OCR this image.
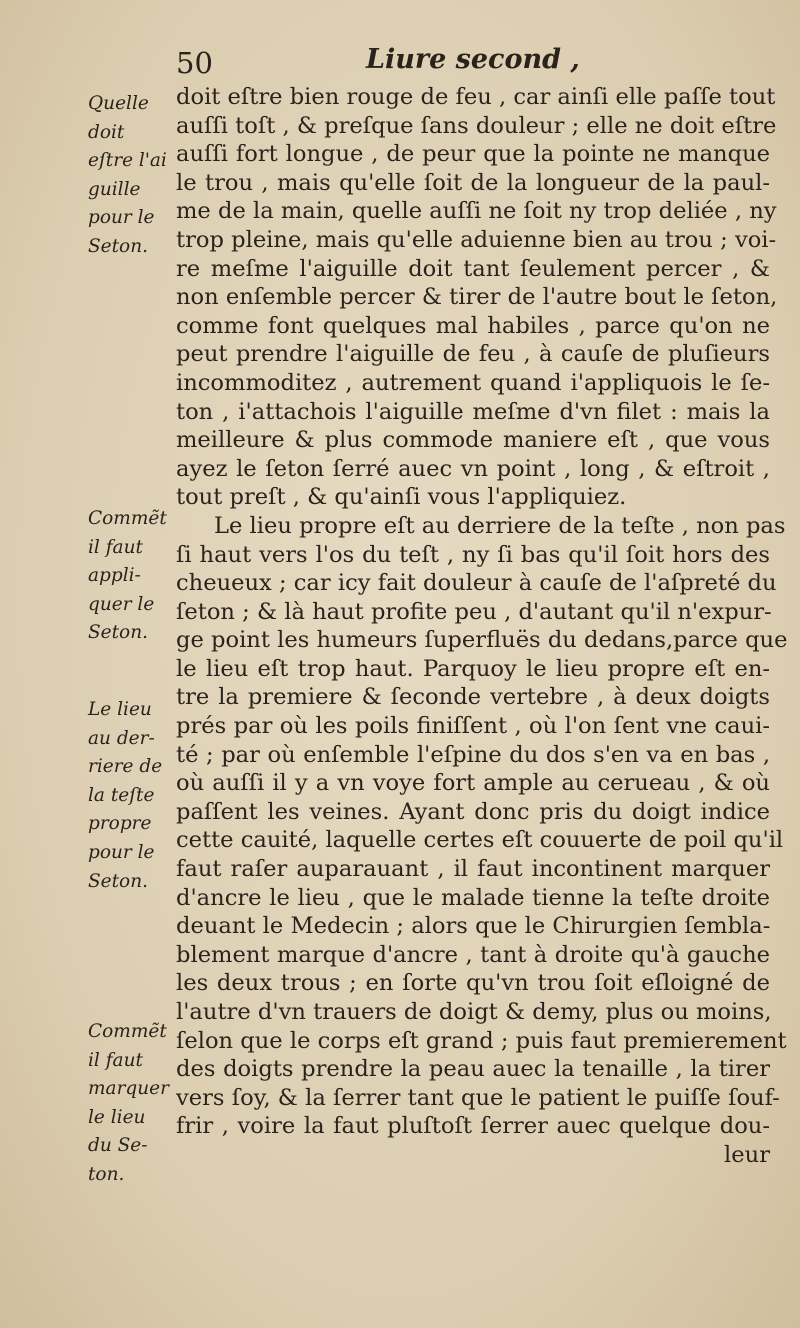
50	Liure second ,
doit eſtre bien rouge de feu , car ainſi elle paſſe tout
auſſi toſt , & preſque ſans douleur ; elle ne doit eſtre
auſſi fort longue , de peur que la pointe ne manque
le trou , mais qu'elle ſoit de la longueur de la paul-
me de la main, quelle auſſi ne ſoit ny trop deliée , ny
trop pleine, mais qu'elle aduienne bien au trou ; voi-
re meſme l'aiguille doit tant ſeulement percer , &
non enſemble percer & tirer de l'autre bout le ſeton,
comme font quelques mal habiles , parce qu'on ne
peut prendre l'aiguille de feu , à cauſe de pluſieurs
incommoditez , autrement quand i'appliquois le ſe-
ton , i'attachois l'aiguille meſme d'vn filet : mais la
meilleure & plus commode maniere eſt , que vous
ayez le ſeton ſerré auec vn point , long , & eſtroit ,
tout preſt , & qu'ainſi vous l'appliquiez.
Le lieu propre eſt au derriere de la teſte , non pas
ſi haut vers l'os du teſt , ny ſi bas qu'il ſoit hors des
cheueux ; car icy fait douleur à cauſe de l'aſpreté du
ſeton ; & là haut profite peu , d'autant qu'il n'expur-
ge point les humeurs ſuperfluës du dedans,parce que
le lieu eſt trop haut. Parquoy le lieu propre eſt en-
tre la premiere & ſeconde vertebre , à deux doigts
prés par où les poils finiſſent , où l'on ſent vne caui-
té ; par où enſemble l'eſpine du dos s'en va en bas ,
où auſſi il y a vn voye fort ample au cerueau , & où
paſſent les veines. Ayant donc pris du doigt indice
cette cauité, laquelle certes eſt couuerte de poil qu'il
faut raſer auparauant , il faut incontinent marquer
d'ancre le lieu , que le malade tienne la teſte droite
deuant le Medecin ; alors que le Chirurgien ſembla-
blement marque d'ancre , tant à droite qu'à gauche
les deux trous ; en ſorte qu'vn trou ſoit eſloigné de
l'autre d'vn trauers de doigt & demy, plus ou moins,
ſelon que le corps eſt grand ; puis faut premierement
des doigts prendre la peau auec la tenaille , la tirer
vers ſoy, & la ſerrer tant que le patient le puiſſe ſouf-
frir , voire la faut pluſtoſt ſerrer auec quelque dou-
leur
Quelle
doit
eſtre l'ai
guille
pour le
Seton.
Commẽt
il faut
appli-
quer le
Seton.
Le lieu
au der-
riere de
la teſte
propre
pour le
Seton.
Commẽt
il faut
marquer
le lieu
du Se-
ton.
